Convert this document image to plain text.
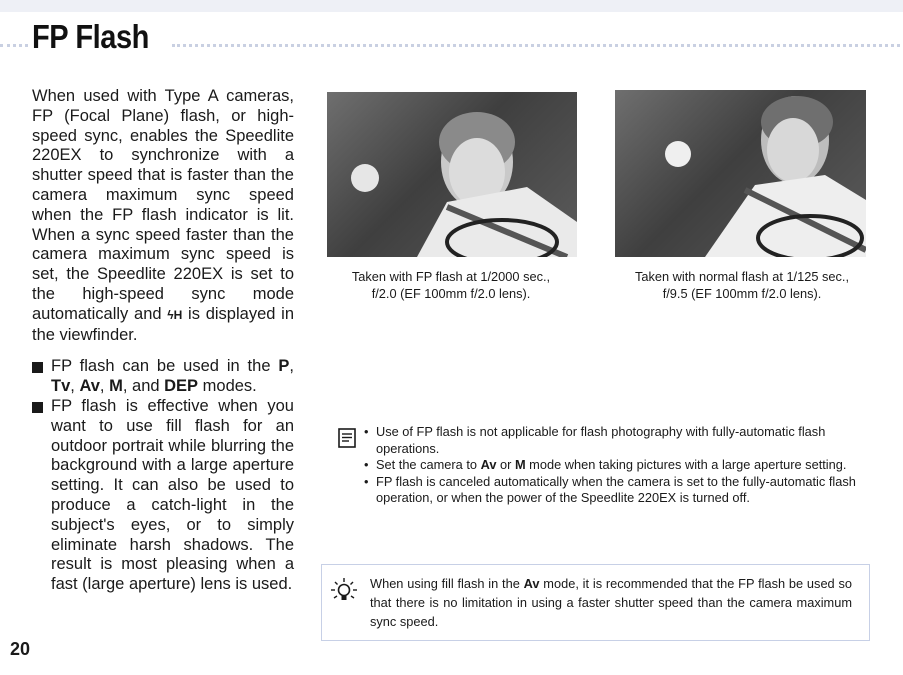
FP Flash

When used with Type A cameras, FP (Focal Plane) flash, or high-speed sync, enables the Speedlite 220EX to synchronize with a shutter speed that is faster than the camera maximum sync speed when the FP flash indicator is lit. When a sync speed faster than the camera maximum sync speed is set, the Speedlite 220EX is set to the high-speed sync mode automatically and ϟH is displayed in the viewfinder.

FP flash can be used in the P, Tv, Av, M, and DEP modes.
FP flash is effective when you want to use fill flash for an outdoor portrait while blurring the background with a large aperture setting. It can also be used to produce a catch-light in the subject's eyes, or to simply eliminate harsh shadows. The result is most pleasing when a fast (large aperture) lens is used.
20
Taken with FP flash at 1/2000 sec.,
f/2.0 (EF 100mm f/2.0 lens).
Taken with normal flash at 1/125 sec.,
f/9.5 (EF 100mm f/2.0 lens).
• Use of FP flash is not applicable for flash photography with fully-automatic flash operations.
• Set the camera to Av or M mode when taking pictures with a large aperture setting.
• FP flash is canceled automatically when the camera is set to the fully-automatic flash operation, or when the power of the Speedlite 220EX is turned off.
When using fill flash in the Av mode, it is recommended that the FP flash be used so that there is no limitation in using a faster shutter speed than the camera maximum sync speed.
